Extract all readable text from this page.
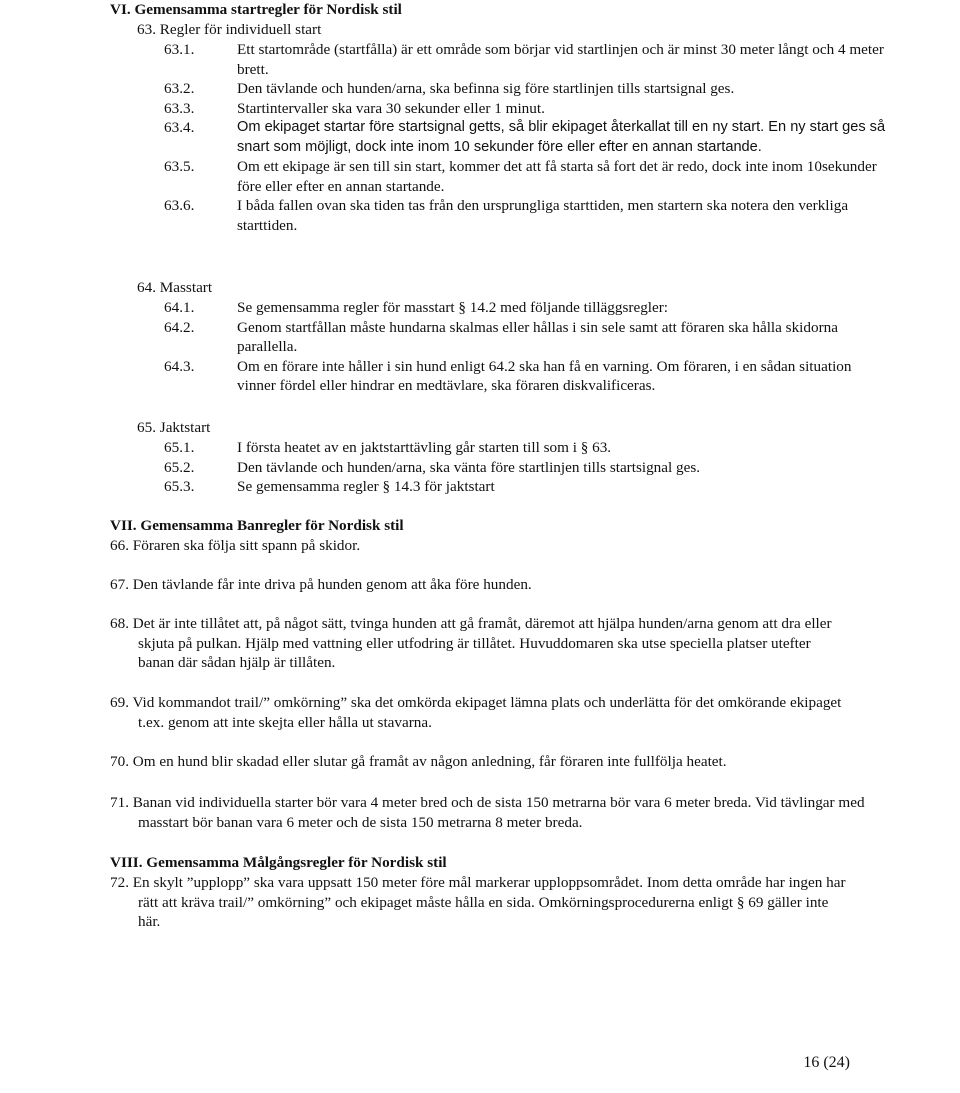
VI. Gemensamma startregler för Nordisk stil
63. Regler för individuell start
63.1.	Ett startområde (startfålla) är ett område som börjar vid startlinjen och är minst 30 meter långt och 4 meter brett.
63.2.	Den tävlande och hunden/arna, ska befinna sig före startlinjen tills startsignal ges.
63.3.	Startintervaller ska vara 30 sekunder eller 1 minut.
63.4.	Om ekipaget startar före startsignal getts, så blir ekipaget återkallat till en ny start. En ny start ges så snart som möjligt, dock inte inom 10 sekunder före eller efter en annan startande.
63.5.	Om ett ekipage är sen till sin start, kommer det att få starta så fort det är redo, dock inte inom 10sekunder före eller efter en annan startande.
63.6.	I båda fallen ovan ska tiden tas från den ursprungliga starttiden, men startern ska notera den verkliga starttiden.
64. Masstart
64.1.	Se gemensamma regler för masstart § 14.2 med följande tilläggsregler:
64.2.	Genom startfållan måste hundarna skalmas eller hållas i sin sele samt att föraren ska hålla skidorna parallella.
64.3.	Om en förare inte håller i sin hund enligt 64.2 ska han få en varning. Om föraren, i en sådan situation vinner fördel eller hindrar en medtävlare, ska föraren diskvalificeras.
65. Jaktstart
65.1.	I första heatet av en jaktstarttävling går starten till som i § 63.
65.2.	Den tävlande och hunden/arna, ska vänta före startlinjen tills startsignal ges.
65.3.	Se gemensamma regler § 14.3 för jaktstart
VII. Gemensamma Banregler för Nordisk stil
66. Föraren ska följa sitt spann på skidor.
67. Den tävlande får inte driva på hunden genom att åka före hunden.
68. Det är inte tillåtet att, på något sätt, tvinga hunden att gå framåt, däremot att hjälpa hunden/arna genom att dra eller skjuta på pulkan. Hjälp med vattning eller utfodring är tillåtet. Huvuddomaren ska utse speciella platser utefter banan där sådan hjälp är tillåten.
69. Vid kommandot trail/” omkörning” ska det omkörda ekipaget lämna plats och underlätta för det omkörande ekipaget t.ex. genom att inte skejta eller hålla ut stavarna.
70. Om en hund blir skadad eller slutar gå framåt av någon anledning, får föraren inte fullfölja heatet.
71. Banan vid individuella starter bör vara 4 meter bred och de sista 150 metrarna bör vara 6 meter breda. Vid tävlingar med masstart bör banan vara 6 meter och de sista 150 metrarna 8 meter breda.
VIII. Gemensamma Målgångsregler för Nordisk stil
72. En skylt ”upplopp” ska vara uppsatt 150 meter före mål markerar upploppsområdet. Inom detta område har ingen har rätt att kräva trail/” omkörning” och ekipaget måste hålla en sida. Omkörningsprocedurerna enligt § 69 gäller inte här.
16 (24)
